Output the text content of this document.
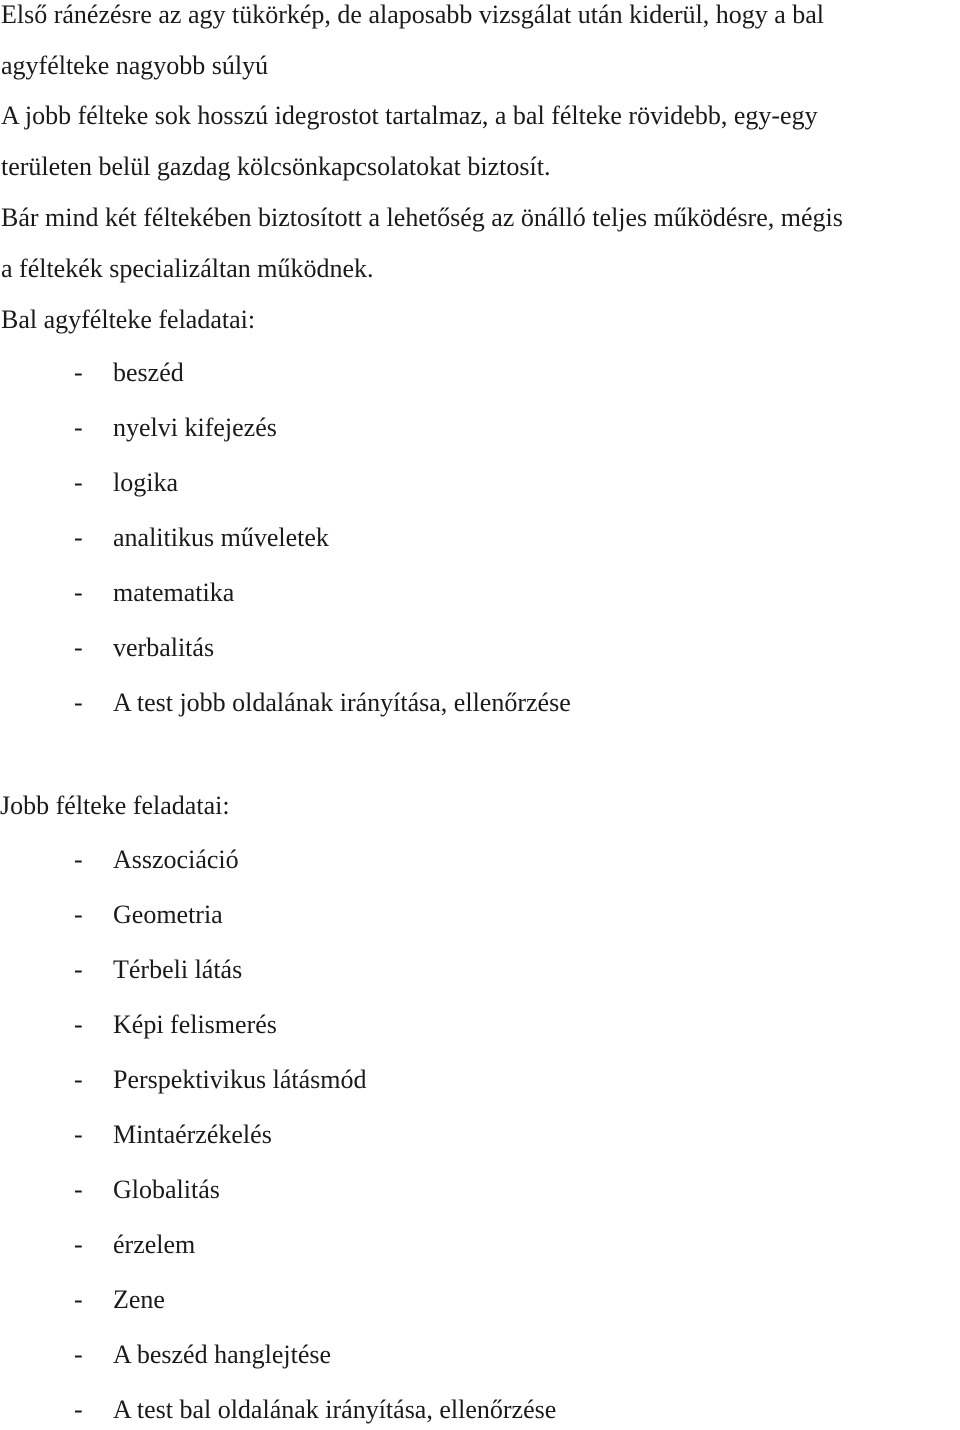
Első ránézésre az agy tükörkép, de alaposabb vizsgálat után kiderül, hogy a bal
agyfélteke nagyobb súlyú
A jobb félteke sok hosszú idegrostot tartalmaz, a bal félteke rövidebb, egy-egy
területen belül gazdag kölcsönkapcsolatokat biztosít.
Bár mind két féltekében biztosított a lehetőség az önálló teljes működésre, mégis
a féltekék specializáltan működnek.
Bal agyfélteke feladatai:
- beszéd
- nyelvi kifejezés
- logika
- analitikus műveletek
- matematika
- verbalitás
- A test jobb oldalának irányítása, ellenőrzése
Jobb félteke feladatai:
- Asszociáció
- Geometria
- Térbeli látás
- Képi felismerés
- Perspektivikus látásmód
- Mintaérzékelés
- Globalitás
- érzelem
- Zene
- A beszéd hanglejtése
- A test bal oldalának irányítása, ellenőrzése
